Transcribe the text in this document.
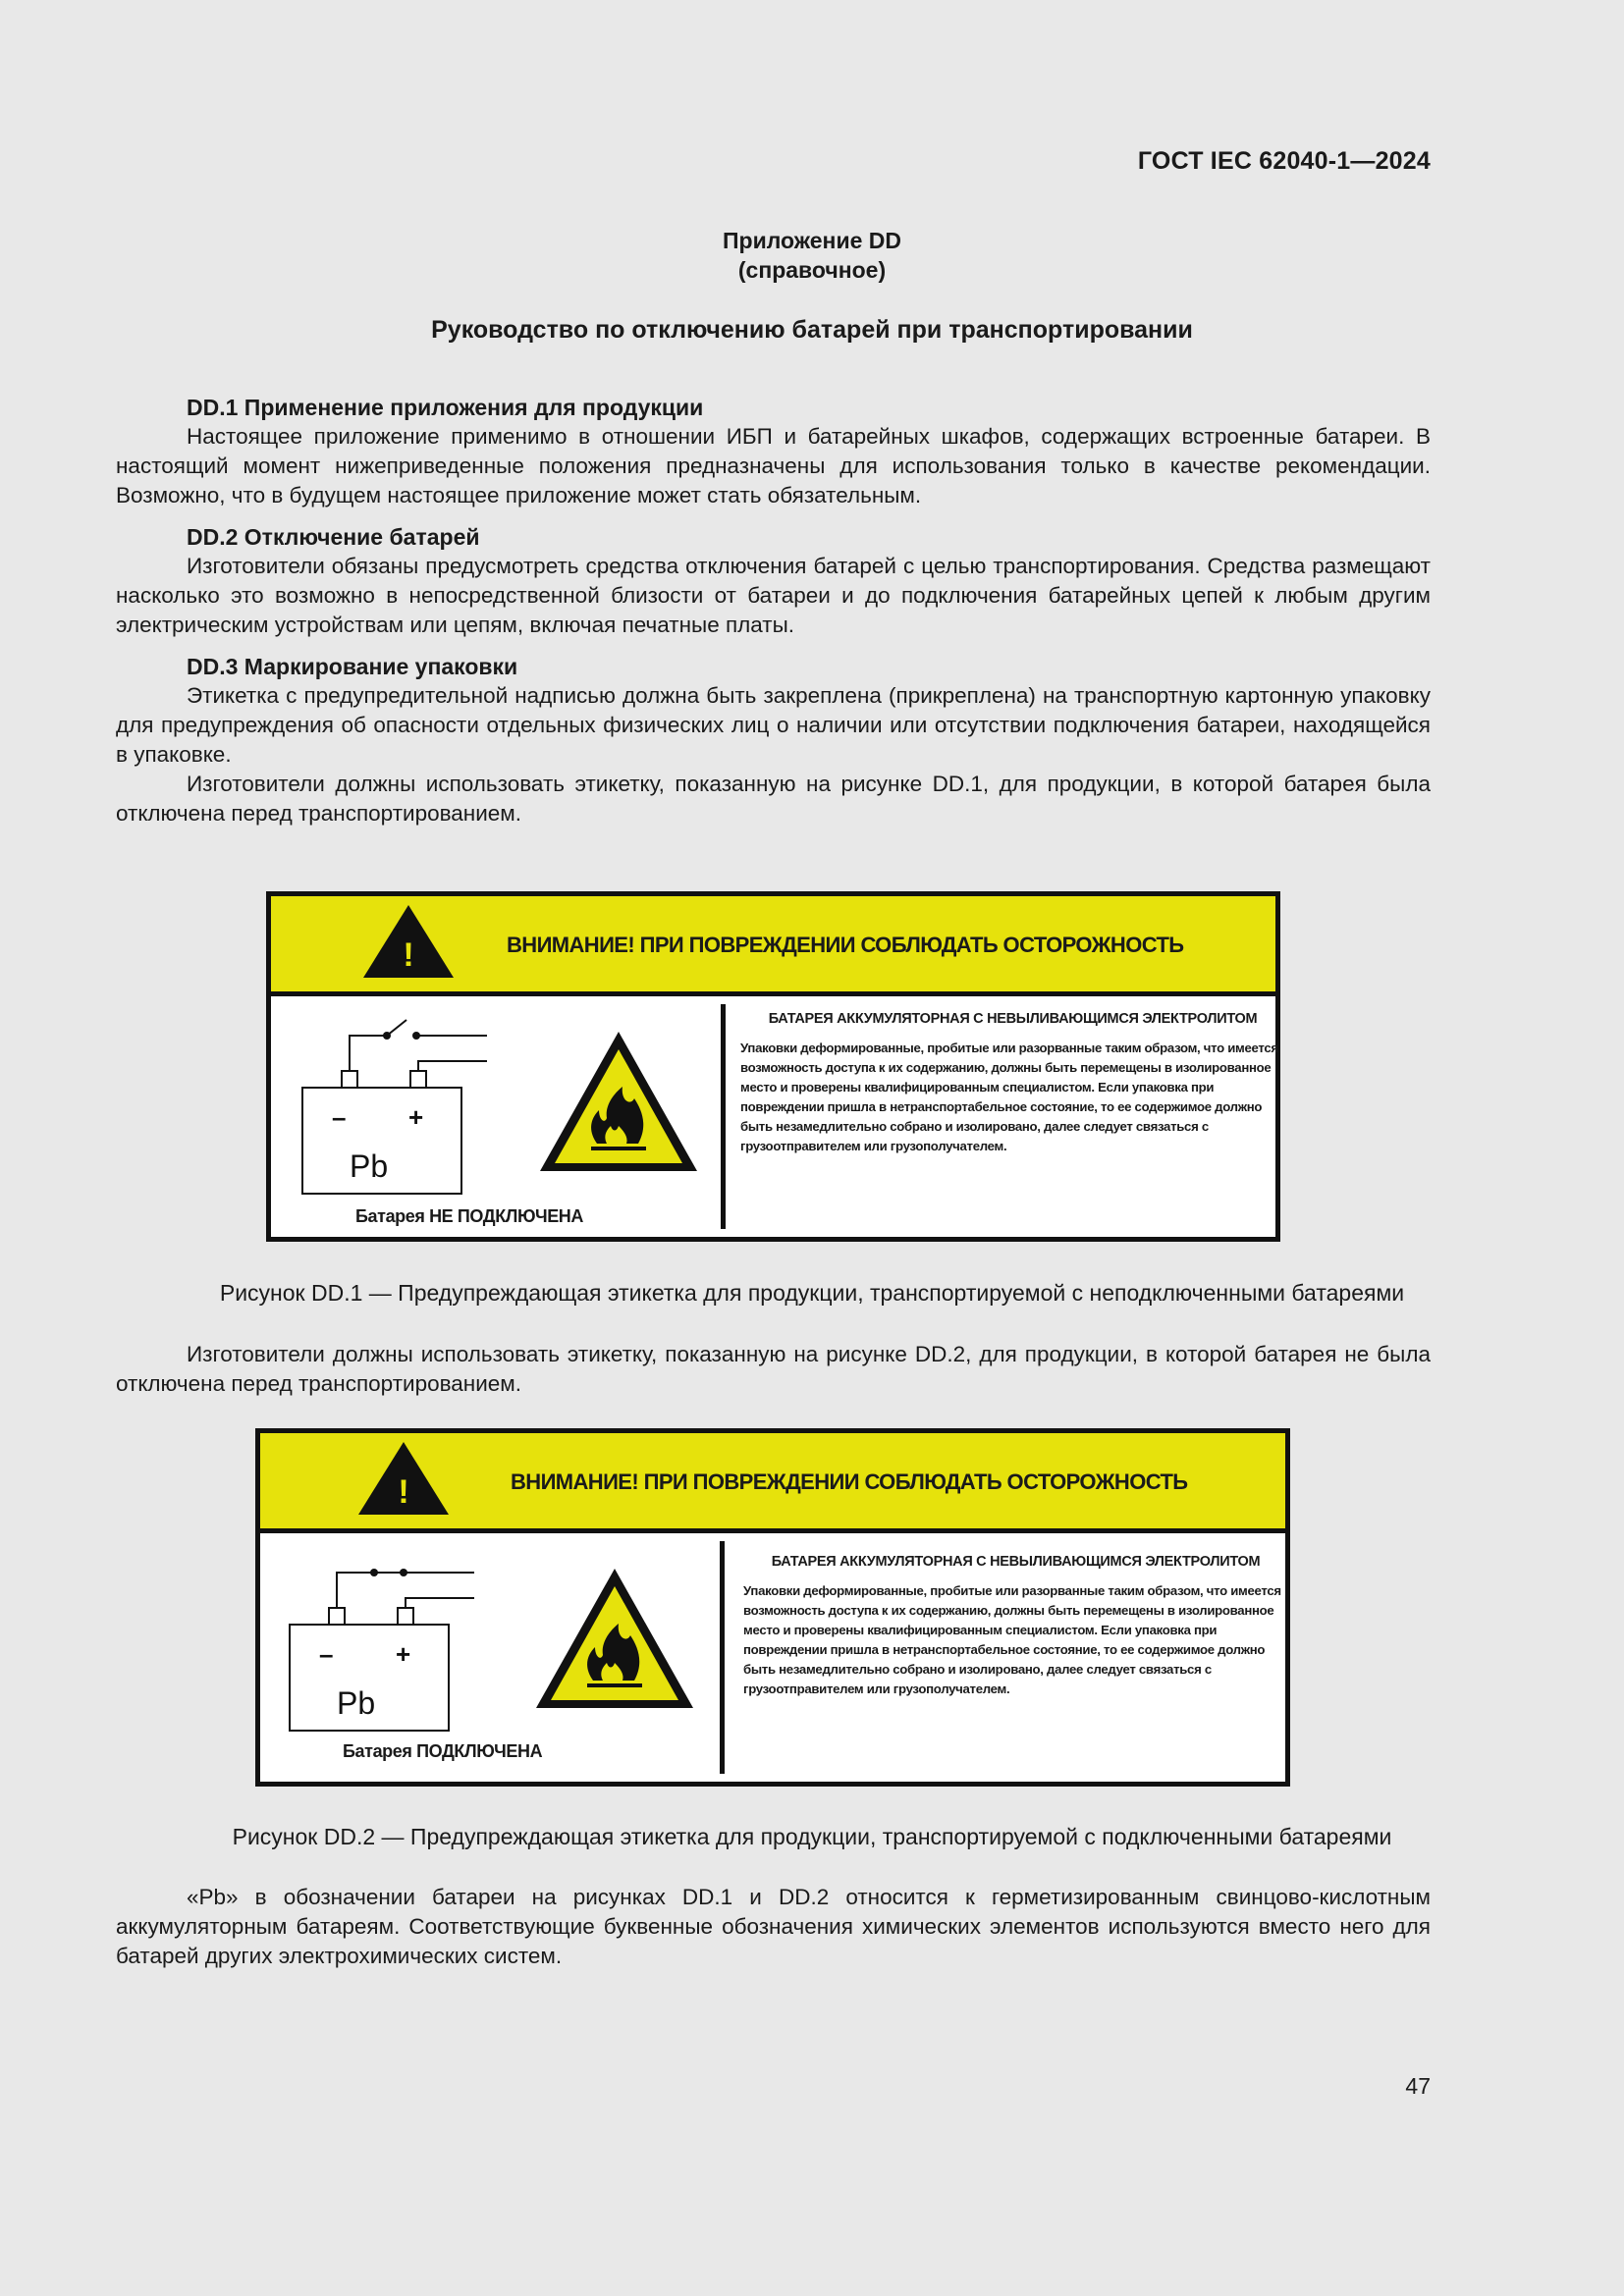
ГОСТ IEC 62040-1—2024
Приложение DD
(справочное)
Руководство по отключению батарей при транспортировании
DD.1 Применение приложения для продукции

Настоящее приложение применимо в отношении ИБП и батарейных шкафов, содержащих встроенные батареи. В настоящий момент нижеприведенные положения предназначены для использования только в качестве рекомендации. Возможно, что в будущем настоящее приложение может стать обязательным.

DD.2 Отключение батарей

Изготовители обязаны предусмотреть средства отключения батарей с целью транспортирования. Средства размещают насколько это возможно в непосредственной близости от батареи и до подключения батарейных цепей к любым другим электрическим устройствам или цепям, включая печатные платы.

DD.3 Маркирование упаковки

Этикетка с предупредительной надписью должна быть закреплена (прикреплена) на транспортную картонную упаковку для предупреждения об опасности отдельных физических лиц о наличии или отсутствии подключения батареи, находящейся в упаковке.

Изготовители должны использовать этикетку, показанную на рисунке DD.1, для продукции, в которой батарея была отключена перед транспортированием.

!	ВНИМАНИЕ! ПРИ ПОВРЕЖДЕНИИ СОБЛЮДАТЬ ОСТОРОЖНОСТЬ
– +
Pb
Батарея НЕ ПОДКЛЮЧЕНА
БАТАРЕЯ АККУМУЛЯТОРНАЯ С НЕВЫЛИВАЮЩИМСЯ ЭЛЕКТРОЛИТОМ
Упаковки деформированные, пробитые или разорванные таким образом, что имеется возможность доступа к их содержанию, должны быть перемещены в изолированное место и проверены квалифицированным специалистом. Если упаковка при повреждении пришла в нетранспортабельное состояние, то ее содержимое должно быть незамедлительно собрано и изолировано, далее следует связаться с грузоотправителем или грузополучателем.
Рисунок DD.1 — Предупреждающая этикетка для продукции, транспортируемой с неподключенными батареями

Изготовители должны использовать этикетку, показанную на рисунке DD.2, для продукции, в которой батарея не была отключена перед транспортированием.

!	ВНИМАНИЕ! ПРИ ПОВРЕЖДЕНИИ СОБЛЮДАТЬ ОСТОРОЖНОСТЬ
– +
Pb
Батарея ПОДКЛЮЧЕНА
БАТАРЕЯ АККУМУЛЯТОРНАЯ С НЕВЫЛИВАЮЩИМСЯ ЭЛЕКТРОЛИТОМ
Упаковки деформированные, пробитые или разорванные таким образом, что имеется возможность доступа к их содержанию, должны быть перемещены в изолированное место и проверены квалифицированным специалистом. Если упаковка при повреждении пришла в нетранспортабельное состояние, то ее содержимое должно быть незамедлительно собрано и изолировано, далее следует связаться с грузоотправителем или грузополучателем.
Рисунок DD.2 — Предупреждающая этикетка для продукции, транспортируемой с подключенными батареями

«Pb» в обозначении батареи на рисунках DD.1 и DD.2 относится к герметизированным свинцово-кислотным аккумуляторным батареям. Соответствующие буквенные обозначения химических элементов используются вместо него для батарей других электрохимических систем.

47
